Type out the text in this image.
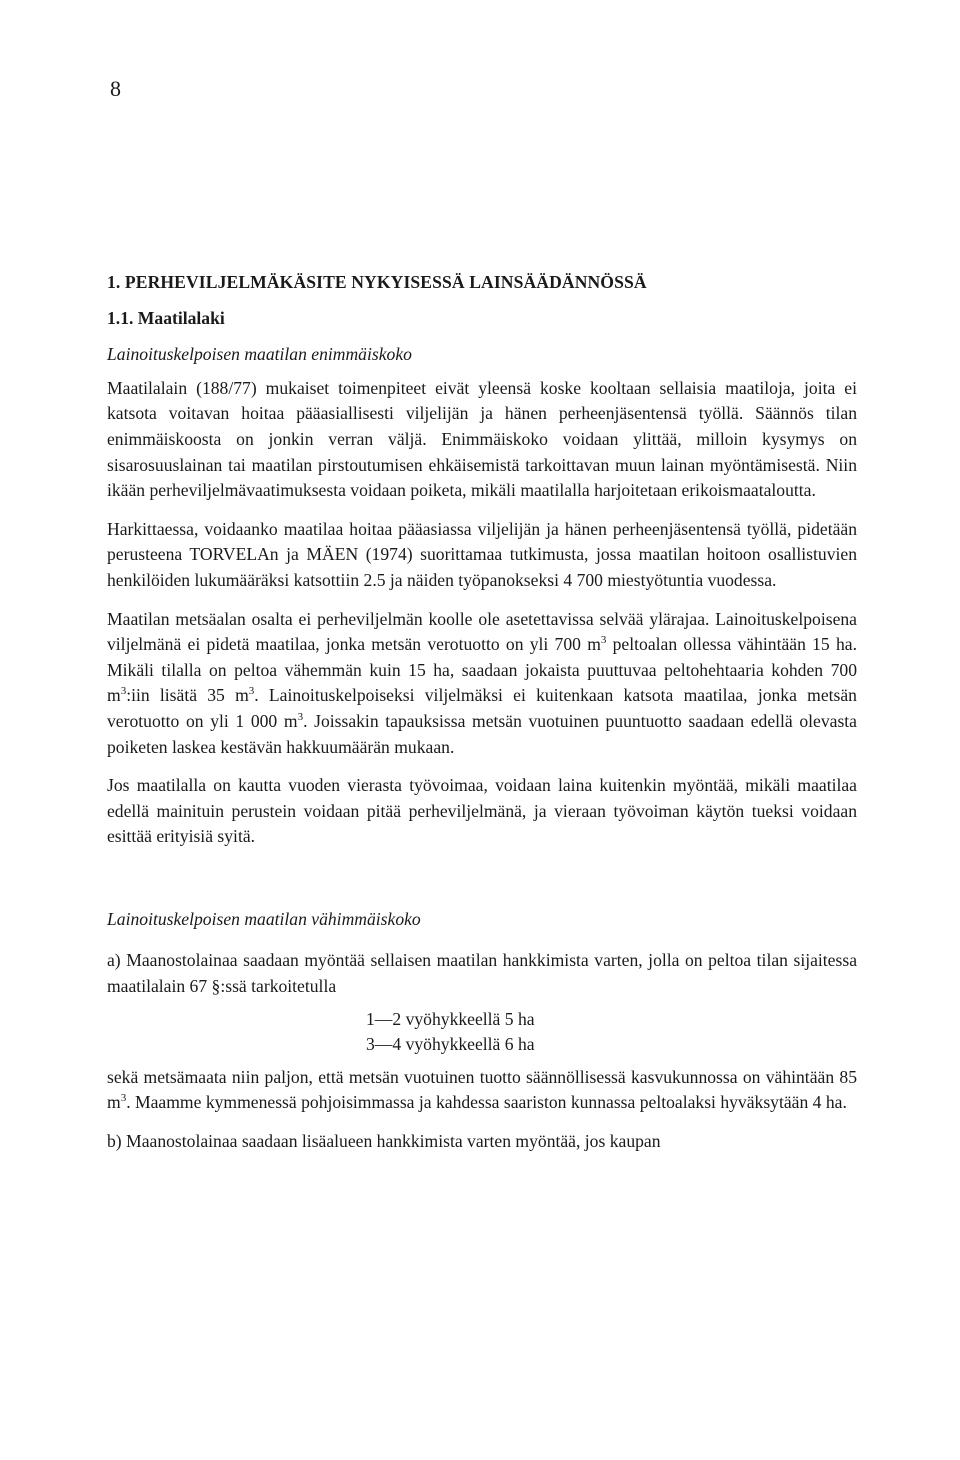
8
1. PERHEVILJELMÄKÄSITE NYKYISESSÄ LAINSÄÄDÄNNÖSSÄ
1.1. Maatilalaki
Lainoituskelpoisen maatilan enimmäiskoko

Maatilalain (188/77) mukaiset toimenpiteet eivät yleensä koske kooltaan sellaisia maatiloja, joita ei katsota voitavan hoitaa pääasiallisesti viljelijän ja hänen perheenjäsentensä työllä. Säännös tilan enimmäiskoosta on jonkin verran väljä. Enimmäiskoko voidaan ylittää, milloin kysymys on sisarosuuslainan tai maatilan pirstoutumisen ehkäisemistä tarkoittavan muun lainan myöntämisestä. Niin ikään perheviljelmävaatimuksesta voidaan poiketa, mikäli maatilalla harjoitetaan erikoismaataloutta.

Harkittaessa, voidaanko maatilaa hoitaa pääasiassa viljelijän ja hänen perheenjäsentensä työllä, pidetään perusteena TORVELAn ja MÄEN (1974) suorittamaa tutkimusta, jossa maatilan hoitoon osallistuvien henkilöiden lukumääräksi katsottiin 2.5 ja näiden työpanokseksi 4 700 miestyötuntia vuodessa.

Maatilan metsäalan osalta ei perheviljelmän koolle ole asetettavissa selvää ylärajaa. Lainoituskelpoisena viljelmänä ei pidetä maatilaa, jonka metsän verotuotto on yli 700 $m^3$ peltoalan ollessa vähintään 15 ha. Mikäli tilalla on peltoa vähemmän kuin 15 ha, saadaan jokaista puuttuvaa peltohehtaaria kohden 700 $m^3:iin$ lisätä 35 $m^3$. Lainoituskelpoiseksi viljelmäksi ei kuitenkaan katsota maatilaa, jonka metsän verotuotto on yli 1 000 $m^3$. Joissakin tapauksissa metsän vuotuinen puuntuotto saadaan edellä olevasta poiketen laskea kestävän hakkuumäärän mukaan.

Jos maatilalla on kautta vuoden vierasta työvoimaa, voidaan laina kuitenkin myöntää, mikäli maatilaa edellä mainituin perustein voidaan pitää perheviljelmänä, ja vieraan työvoiman käytön tueksi voidaan esittää erityisiä syitä.

Lainoituskelpoisen maatilan vähimmäiskoko

a) Maanostolainaa saadaan myöntää sellaisen maatilan hankkimista varten, jolla on peltoa tilan sijaitessa maatilalain 67 §:ssä tarkoitetulla

1—2 vyöhykkeellä 5 ha
3—4 vyöhykkeellä 6 ha

sekä metsämaata niin paljon, että metsän vuotuinen tuotto säännöllisessä kasvukunnossa on vähintään 85 $m^3$. Maamme kymmenessä pohjoisimmassa ja kahdessa saariston kunnassa peltoalaksi hyväksytään 4 ha.

b) Maanostolainaa saadaan lisäalueen hankkimista varten myöntää, jos kaupan
